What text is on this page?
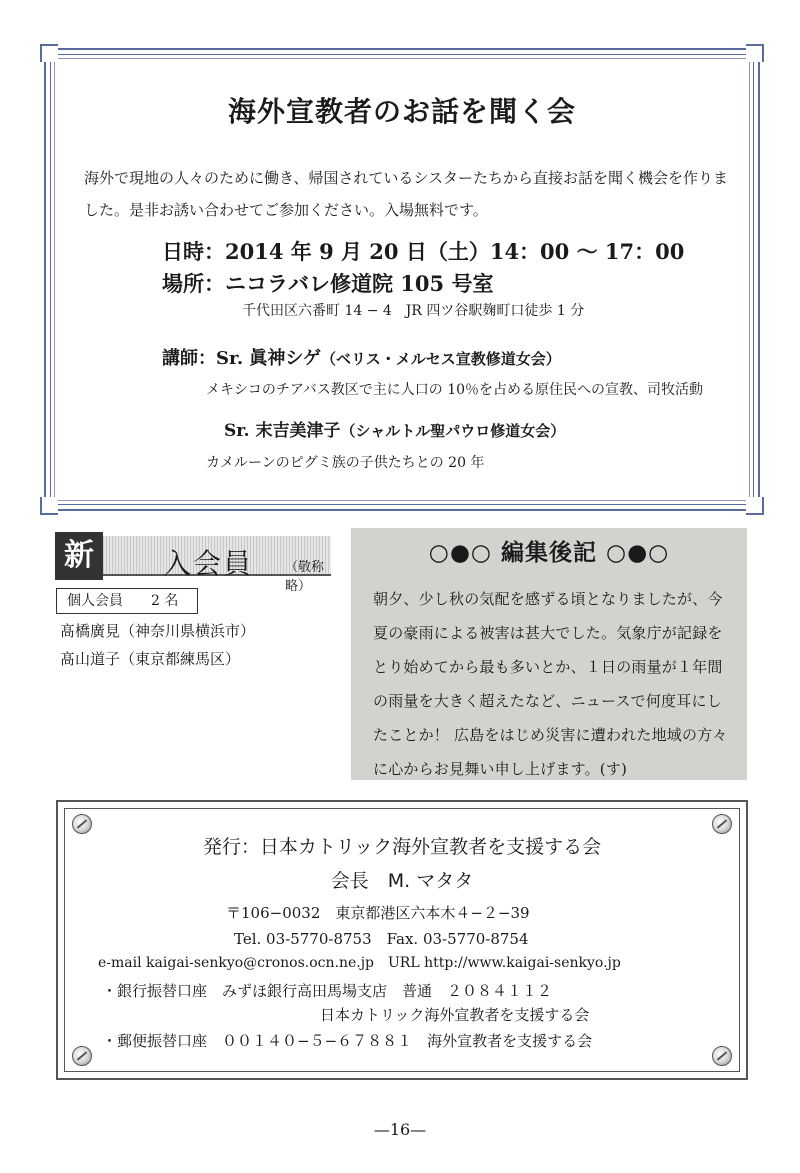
海外宣教者のお話を聞く会

海外で現地の人々のために働き、帰国されているシスターたちから直接お話を聞く機会を作りました。是非お誘い合わせてご参加ください。入場無料です。

日時：2014 年 9 月 20 日（土）14：00 〜 17：00
場所：ニコラバレ修道院 105 号室
千代田区六番町 14 − 4　JR 四ツ谷駅麹町口徒歩 1 分
講師：Sr. 眞神シゲ（ベリス・メルセス宣教修道女会）
メキシコのチアバス教区で主に人口の 10％を占める原住民への宣教、司牧活動
Sr. 末吉美津子（シャルトル聖パウロ修道女会）
カメルーンのピグミ族の子供たちとの 20 年
新	入会員 （敬称略）
個人会員　　2 名
髙橋廣見（神奈川県横浜市）
髙山道子（東京都練馬区）
○●○ 編集後記 ○●○

朝夕、少し秋の気配を感ずる頃となりましたが、今夏の豪雨による被害は甚大でした。気象庁が記録をとり始めてから最も多いとか、１日の雨量が１年間の雨量を大きく超えたなど、ニュースで何度耳にしたことか！ 広島をはじめ災害に遭われた地域の方々に心からお見舞い申し上げます。(す)

発行：日本カトリック海外宣教者を支援する会
会長　M. マタタ
〒106−0032　東京都港区六本木４−２−39
Tel. 03-5770-8753　Fax. 03-5770-8754
e-mail kaigai-senkyo@cronos.ocn.ne.jp　URL http://www.kaigai-senkyo.jp
・銀行振替口座　みずほ銀行高田馬場支店　普通　２０８４１１２
日本カトリック海外宣教者を支援する会
・郵便振替口座　００１４０−５−６７８８１　海外宣教者を支援する会
—16—
